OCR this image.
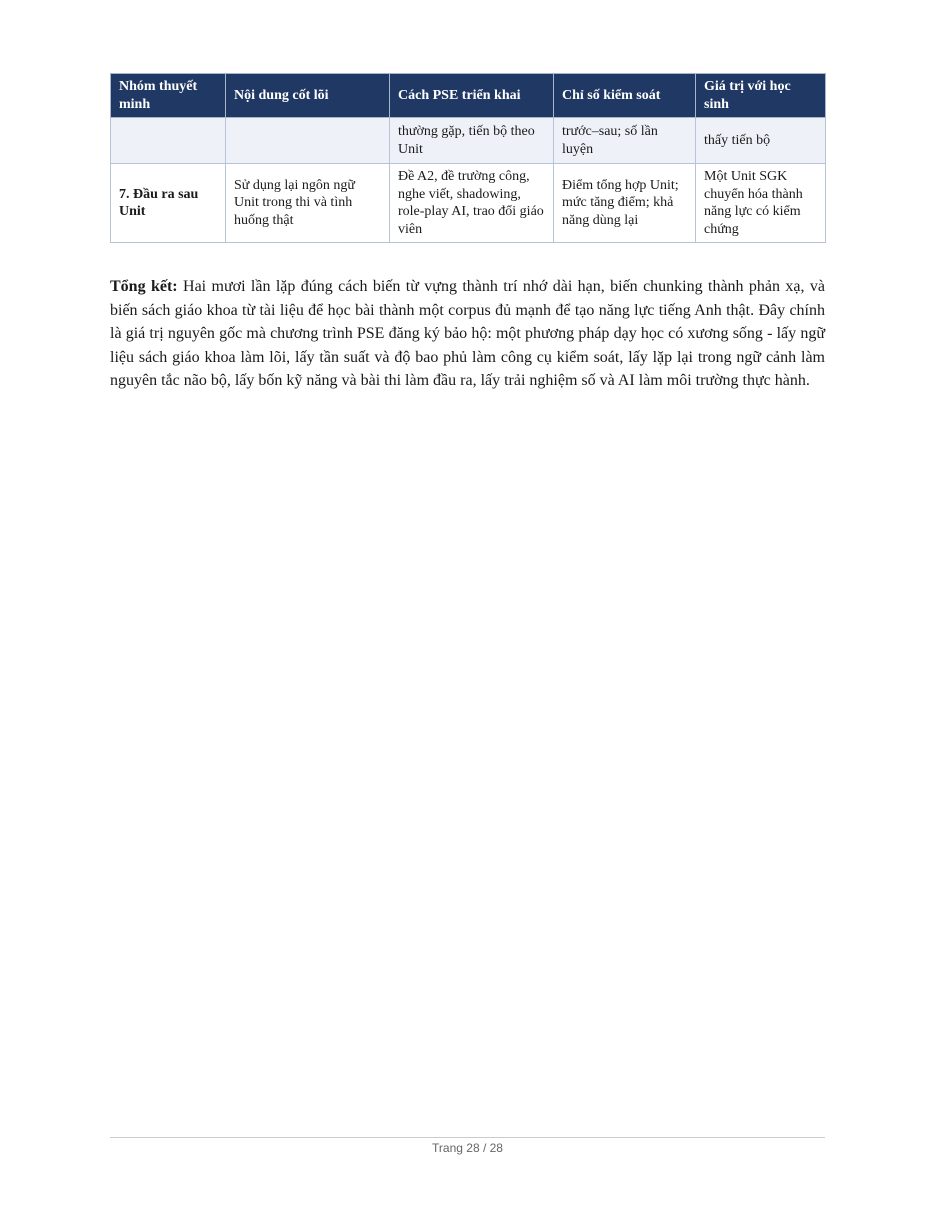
Nhóm thuyết minh	Nội dung cốt lõi	Cách PSE triển khai	Chỉ số kiểm soát	Giá trị với học sinh
		thường gặp, tiến bộ theo Unit	trước–sau; số lần luyện	thấy tiến bộ
7. Đầu ra sau Unit	Sử dụng lại ngôn ngữ Unit trong thi và tình huống thật	Đề A2, đề trường công, nghe viết, shadowing, role-play AI, trao đổi giáo viên	Điểm tổng hợp Unit; mức tăng điểm; khả năng dùng lại	Một Unit SGK chuyển hóa thành năng lực có kiểm chứng

Tổng kết: Hai mươi lần lặp đúng cách biến từ vựng thành trí nhớ dài hạn, biến chunking thành phản xạ, và biến sách giáo khoa từ tài liệu để học bài thành một corpus đủ mạnh để tạo năng lực tiếng Anh thật. Đây chính là giá trị nguyên gốc mà chương trình PSE đăng ký bảo hộ: một phương pháp dạy học có xương sống - lấy ngữ liệu sách giáo khoa làm lõi, lấy tần suất và độ bao phủ làm công cụ kiểm soát, lấy lặp lại trong ngữ cảnh làm nguyên tắc não bộ, lấy bốn kỹ năng và bài thi làm đầu ra, lấy trải nghiệm số và AI làm môi trường thực hành.

Trang 28 / 28
